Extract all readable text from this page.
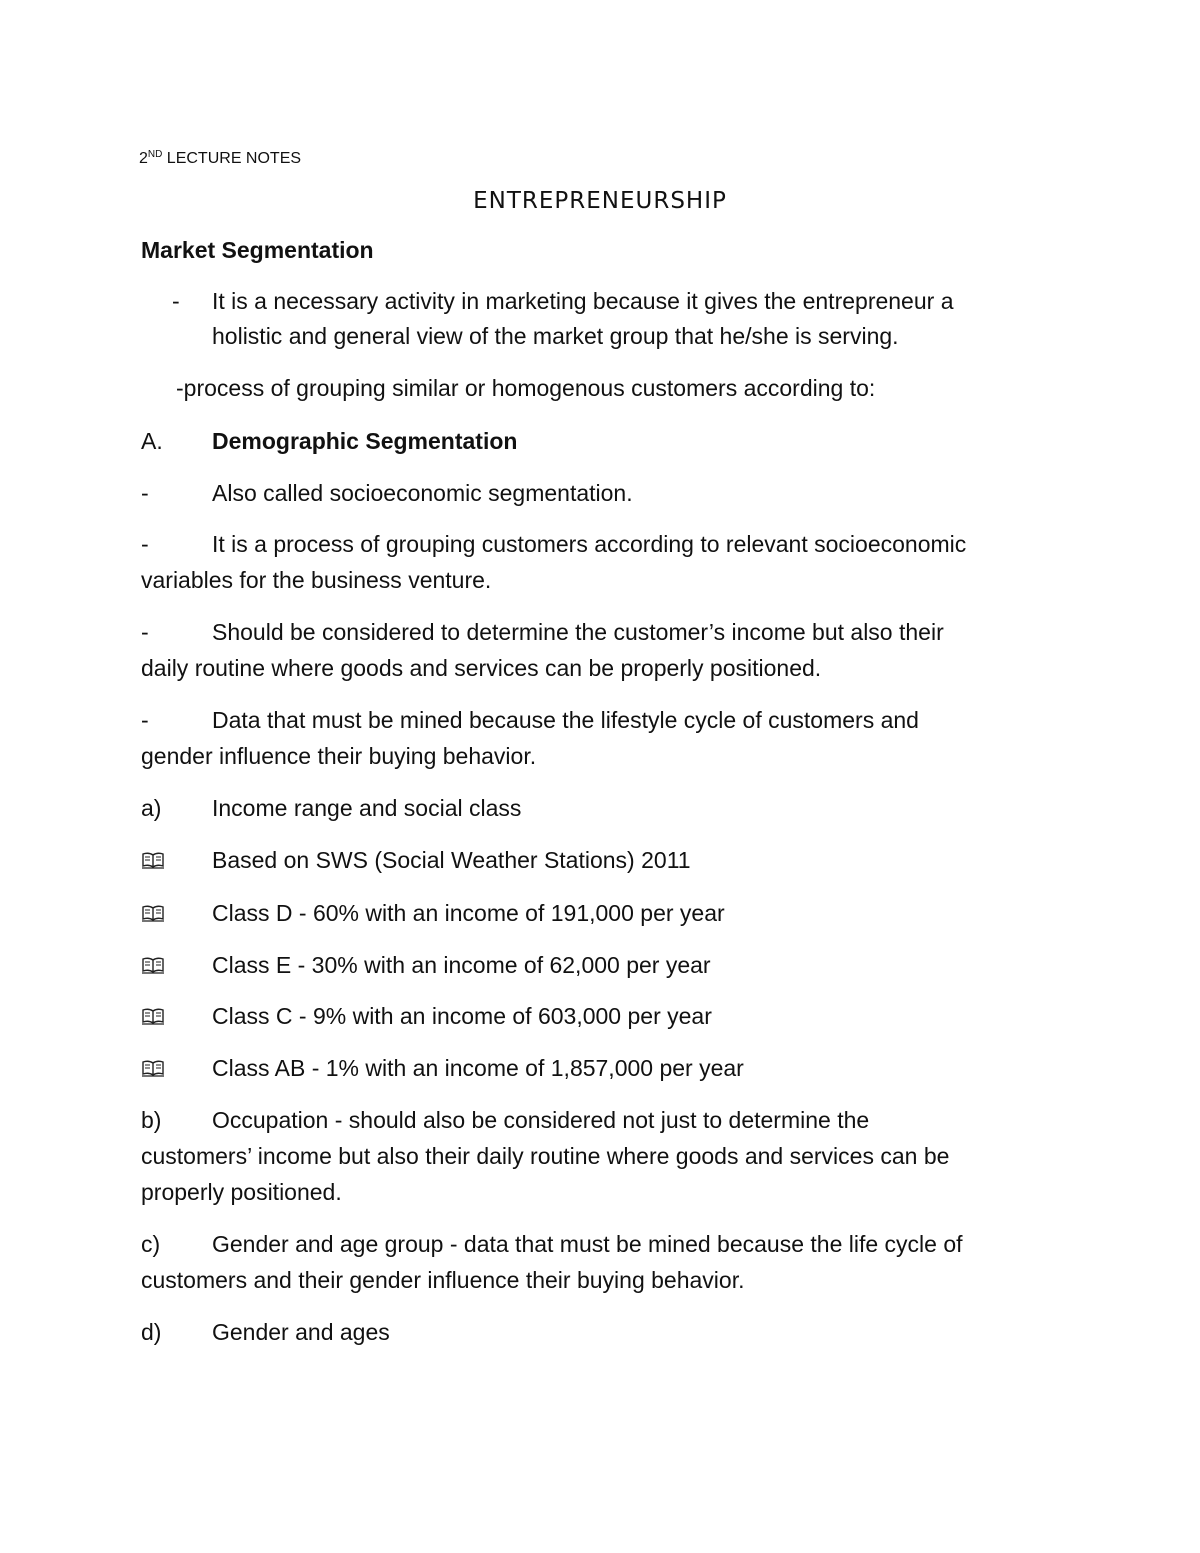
2ND LECTURE NOTES
ENTREPRENEURSHIP
Market Segmentation
- It is a necessary activity in marketing because it gives the entrepreneur a
holistic and general view of the market group that he/she is serving.
-process of grouping similar or homogenous customers according to:
A. Demographic Segmentation
-	Also called socioeconomic segmentation.
-	It is a process of grouping customers according to relevant socioeconomic
variables for the business venture.
-	Should be considered to determine the customer’s income but also their
daily routine where goods and services can be properly positioned.
-	Data that must be mined because the lifestyle cycle of customers and
gender influence their buying behavior.
a) Income range and social class
Based on SWS (Social Weather Stations) 2011
Class D - 60% with an income of 191,000 per year
Class E - 30% with an income of 62,000 per year
Class C - 9% with an income of 603,000 per year
Class AB - 1% with an income of 1,857,000 per year
b) Occupation - should also be considered not just to determine the
customers’ income but also their daily routine where goods and services can be
properly positioned.
c) Gender and age group - data that must be mined because the life cycle of
customers and their gender influence their buying behavior.
d) Gender and ages
